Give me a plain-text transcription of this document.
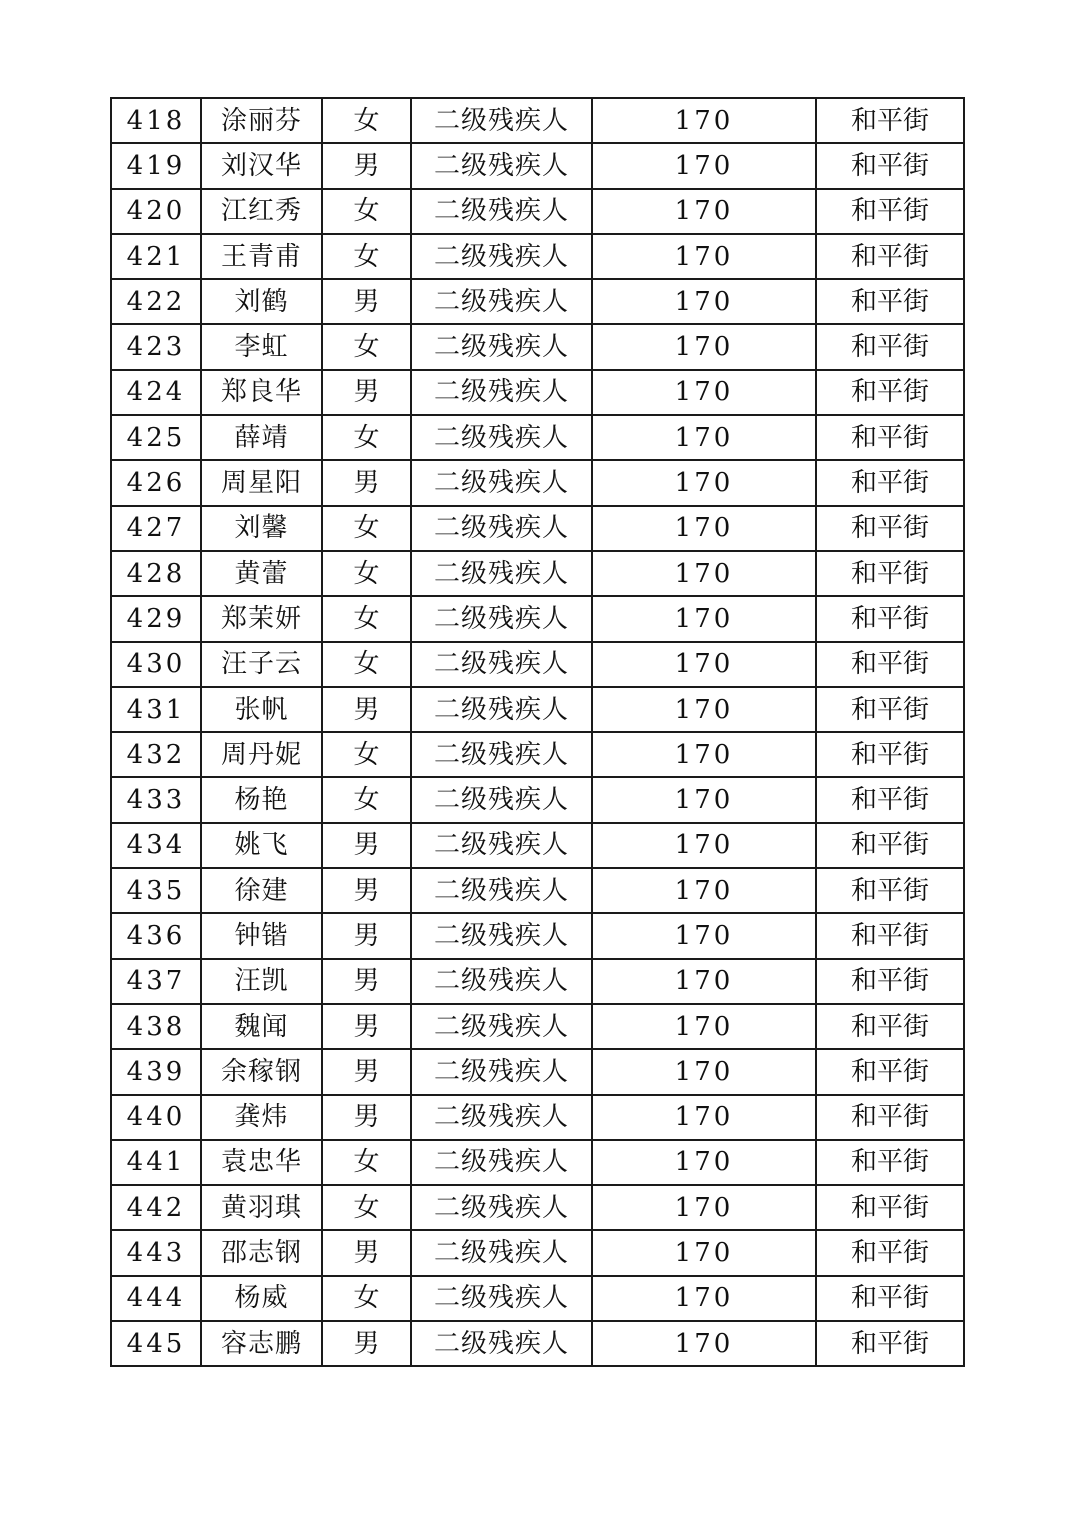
418	涂丽芬	女	二级残疾人	170	和平街
419	刘汉华	男	二级残疾人	170	和平街
420	江红秀	女	二级残疾人	170	和平街
421	王青甫	女	二级残疾人	170	和平街
422	刘鹤	男	二级残疾人	170	和平街
423	李虹	女	二级残疾人	170	和平街
424	郑良华	男	二级残疾人	170	和平街
425	薛靖	女	二级残疾人	170	和平街
426	周星阳	男	二级残疾人	170	和平街
427	刘馨	女	二级残疾人	170	和平街
428	黄蕾	女	二级残疾人	170	和平街
429	郑茉妍	女	二级残疾人	170	和平街
430	汪子云	女	二级残疾人	170	和平街
431	张帆	男	二级残疾人	170	和平街
432	周丹妮	女	二级残疾人	170	和平街
433	杨艳	女	二级残疾人	170	和平街
434	姚飞	男	二级残疾人	170	和平街
435	徐建	男	二级残疾人	170	和平街
436	钟锴	男	二级残疾人	170	和平街
437	汪凯	男	二级残疾人	170	和平街
438	魏闻	男	二级残疾人	170	和平街
439	余稼钢	男	二级残疾人	170	和平街
440	龚炜	男	二级残疾人	170	和平街
441	袁忠华	女	二级残疾人	170	和平街
442	黄羽琪	女	二级残疾人	170	和平街
443	邵志钢	男	二级残疾人	170	和平街
444	杨威	女	二级残疾人	170	和平街
445	容志鹏	男	二级残疾人	170	和平街
